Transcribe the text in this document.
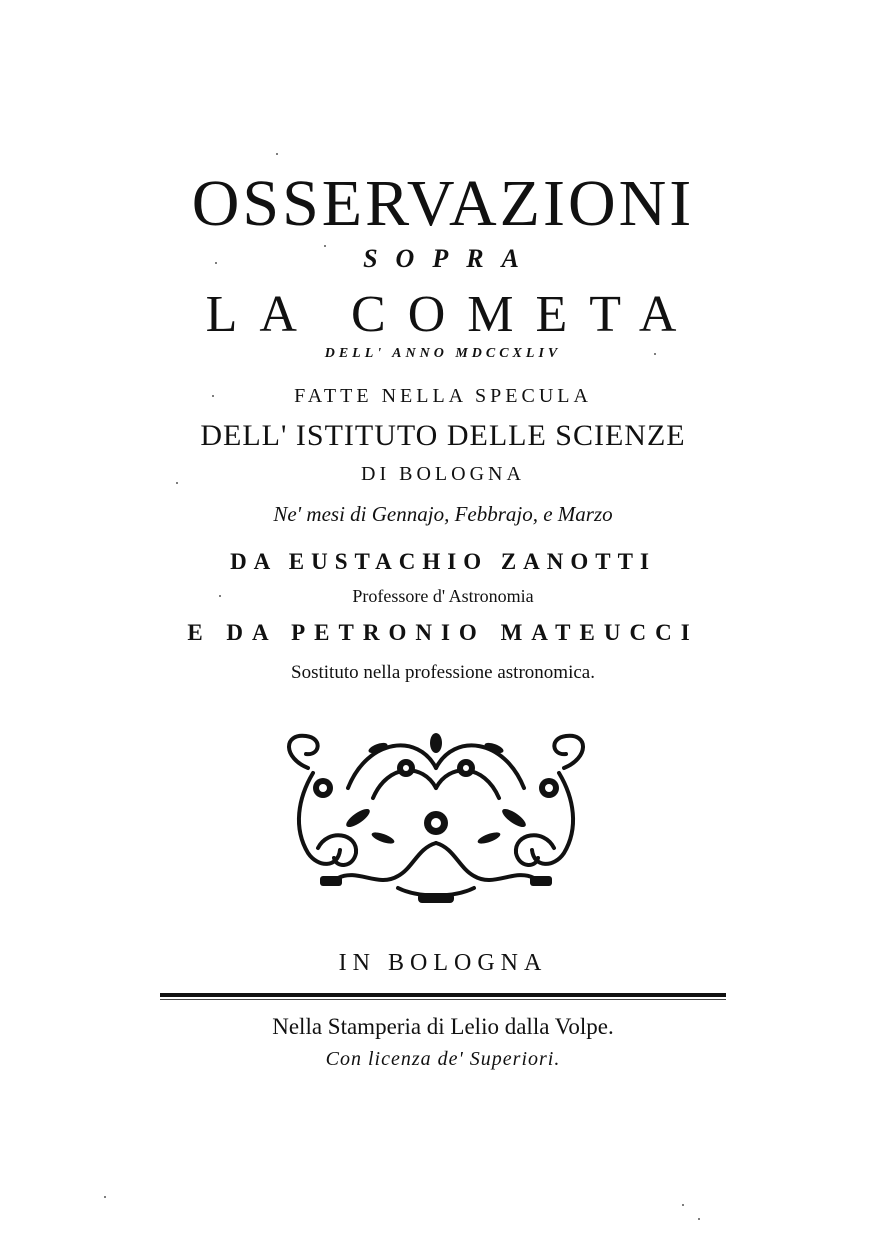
OSSERVAZIONI
SOPRA
LA COMETA
DELL' ANNO MDCCXLIV
FATTE NELLA SPECULA
DELL' ISTITUTO DELLE SCIENZE
DI BOLOGNA
Ne' mesi di Gennajo, Febbrajo, e Marzo
DA EUSTACHIO ZANOTTI
Professore d' Astronomia
E DA PETRONIO MATEUCCI
Sostituto nella professione astronomica.
IN BOLOGNA
Nella Stamperia di Lelio dalla Volpe.
Con licenza de' Superiori.
